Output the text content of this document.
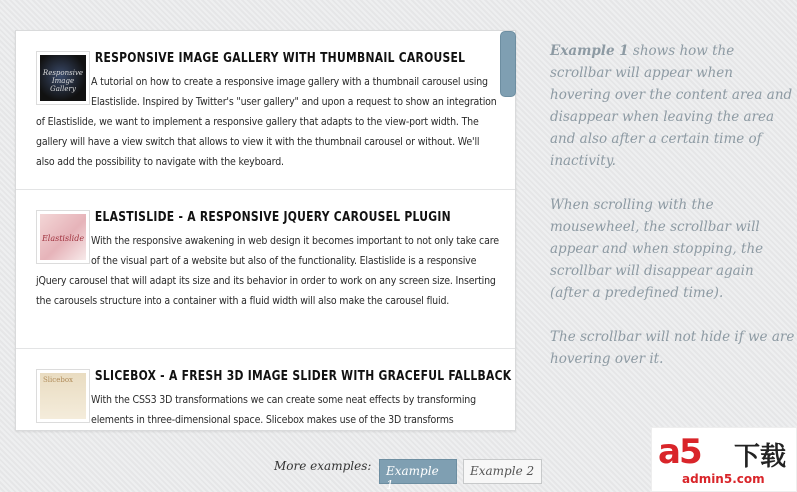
Responsive Image Gallery
RESPONSIVE IMAGE GALLERY WITH THUMBNAIL CAROUSEL

A tutorial on how to create a responsive image gallery with a thumbnail carousel using Elastislide. Inspired by Twitter's "user gallery" and upon a request to show an integration of Elastislide, we want to implement a responsive gallery that adapts to the view-port width. The gallery will have a view switch that allows to view it with the thumbnail carousel or without. We'll also add the possibility to navigate with the keyboard.

Elastislide
ELASTISLIDE - A RESPONSIVE JQUERY CAROUSEL PLUGIN

With the responsive awakening in web design it becomes important to not only take care of the visual part of a website but also of the functionality. Elastislide is a responsive jQuery carousel that will adapt its size and its behavior in order to work on any screen size. Inserting the carousels structure into a container with a fluid width will also make the carousel fluid.

Slicebox	SLICEBOX - A FRESH 3D IMAGE SLIDER WITH GRACEFUL FALLBACK

With the CSS3 3D transformations we can create some neat effects by transforming elements in three-dimensional space. Slicebox makes use of the 3D transforms

Example 1 shows how the scrollbar will appear when hovering over the content area and disappear when leaving the area and also after a certain time of inactivity.

When scrolling with the mousewheel, the scrollbar will appear and when stopping, the scrollbar will disappear again (after a predefined time).

The scrollbar will not hide if we are hovering over it.

More examples:	Example 1
Example 2	a5	下载
admin5.com
